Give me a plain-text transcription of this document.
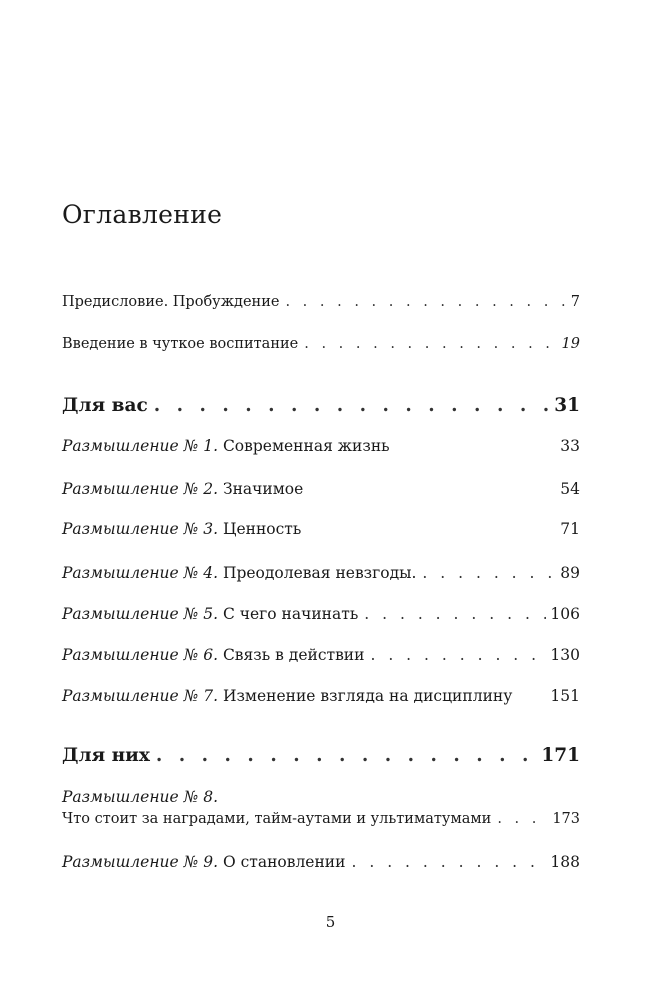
Оглавление
Предисловие. Пробуждение . . .	7
Введение в чуткое воспитание . . .	19
Для вас . . .	31
Размышление № 1. Современная жизнь	33
Размышление № 2. Значимое	54
Размышление № 3. Ценность	71
Размышление № 4. Преодолевая невзгоды. . . .	89
Размышление № 5. С чего начинать . . .	106
Размышление № 6. Связь в действии . . .	130
Размышление № 7. Изменение взгляда на дисциплину 151
Для них . . .	171
Размышление № 8.
Что стоит за наградами, тайм-аутами и ультиматумами . . .	173
Размышление № 9. О становлении . . .	188
5
